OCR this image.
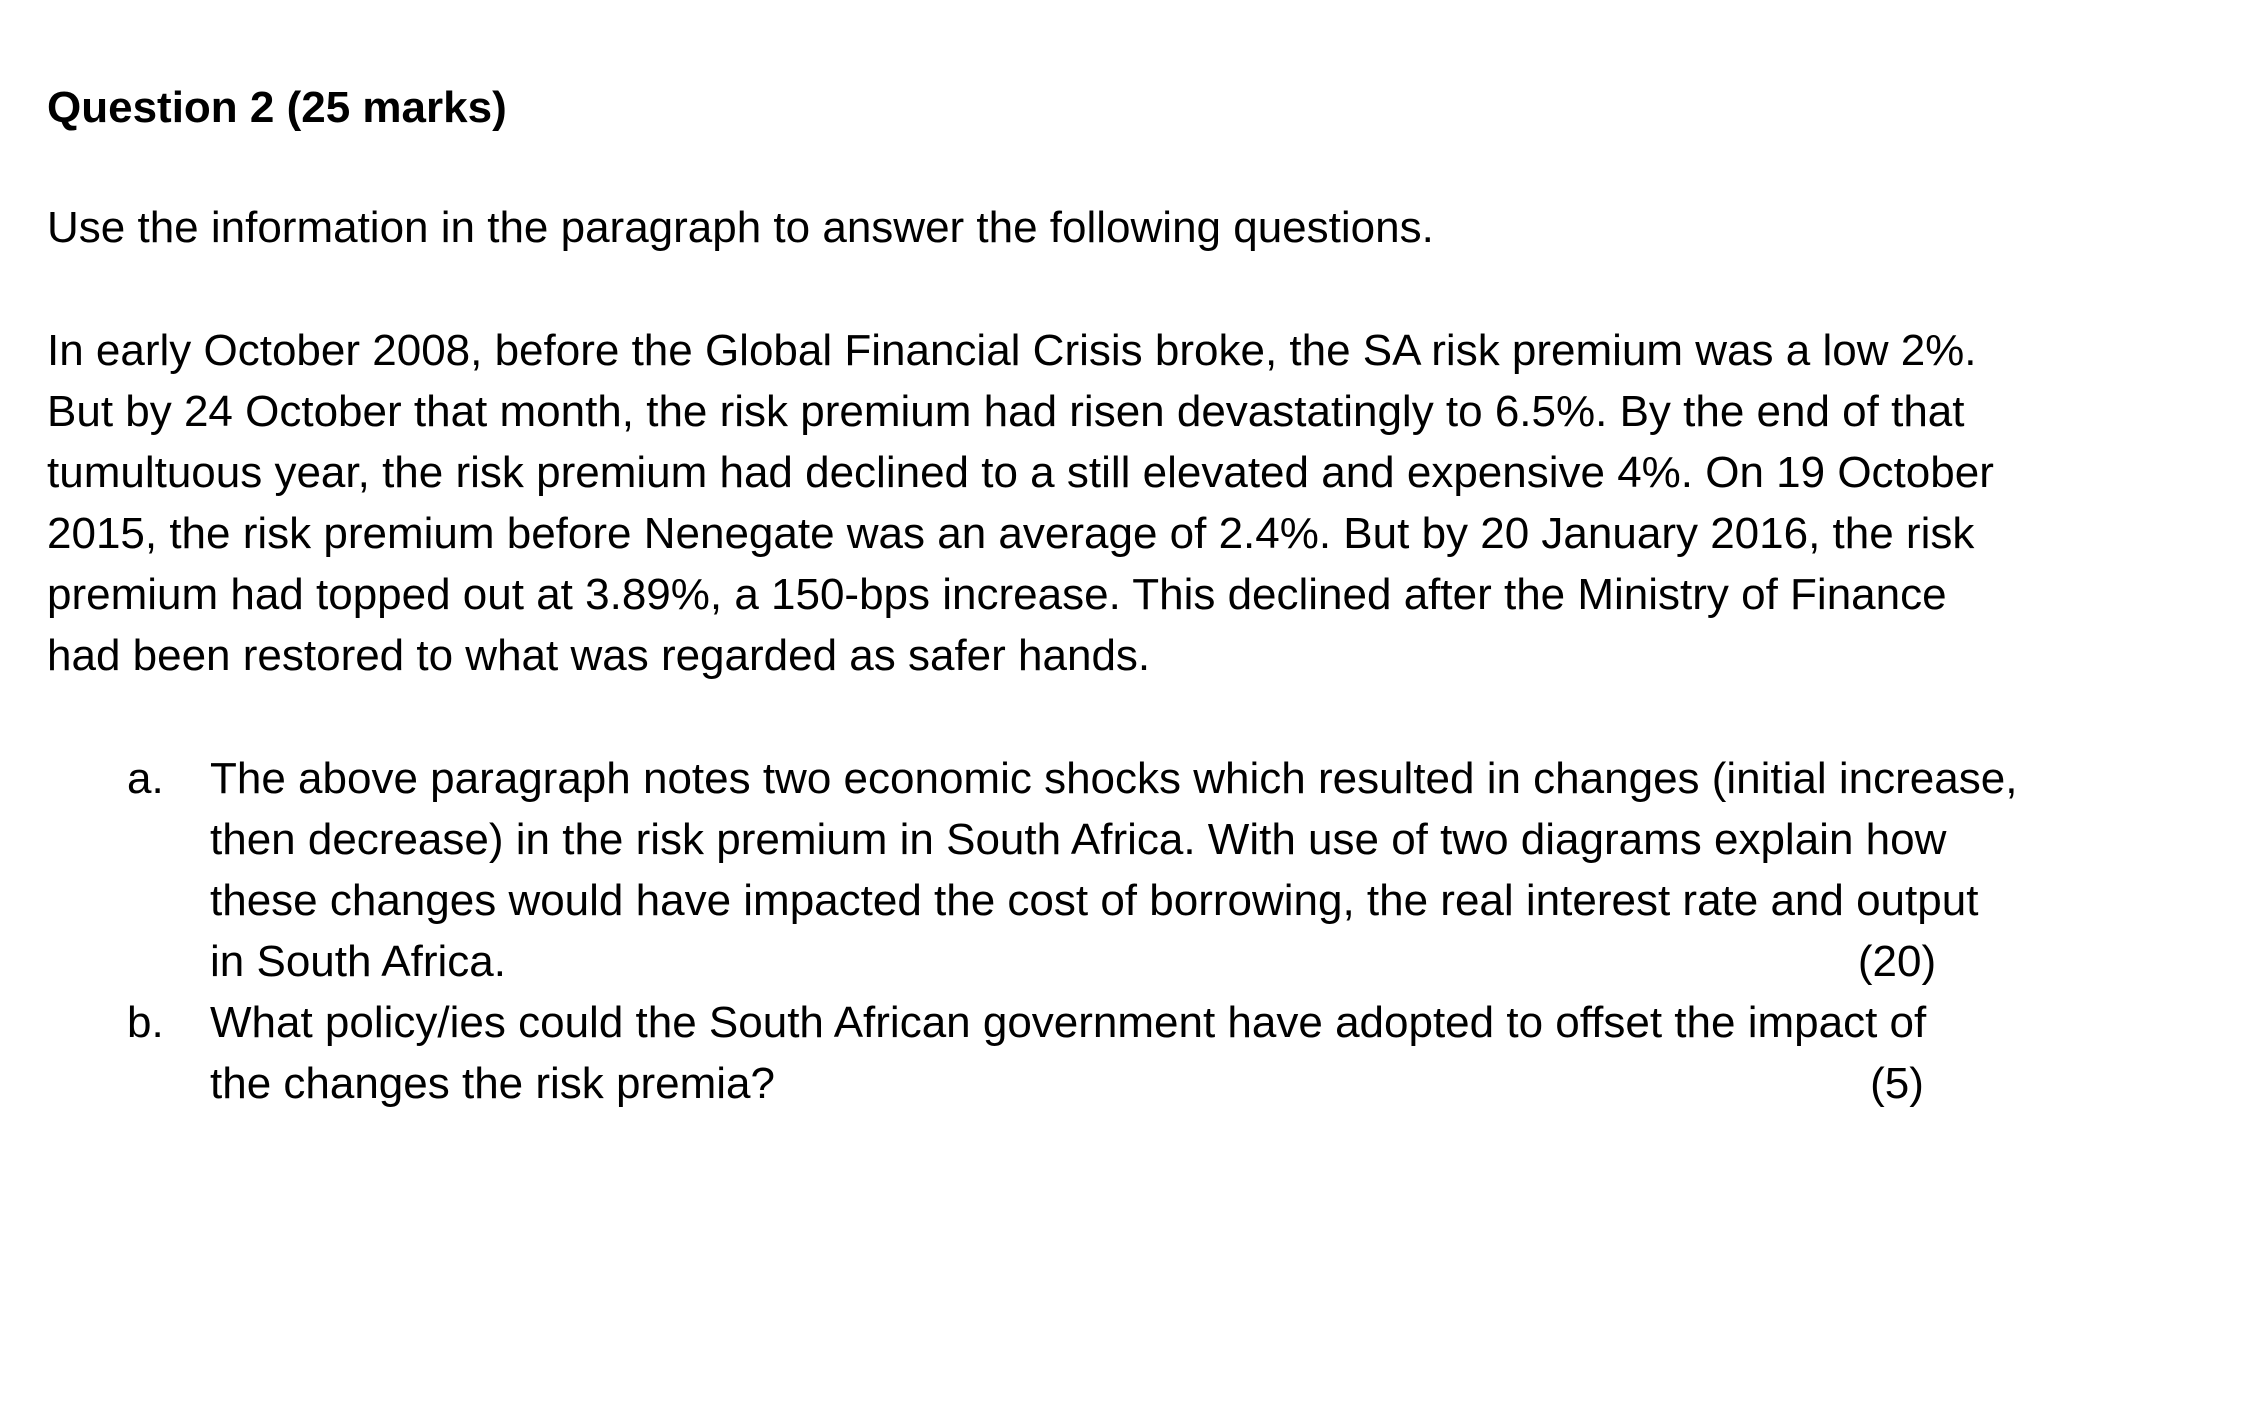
Question 2 (25 marks)
Use the information in the paragraph to answer the following questions.
In early October 2008, before the Global Financial Crisis broke, the SA risk premium was a low 2%.
But by 24 October that month, the risk premium had risen devastatingly to 6.5%. By the end of that
tumultuous year, the risk premium had declined to a still elevated and expensive 4%. On 19 October
2015, the risk premium before Nenegate was an average of 2.4%. But by 20 January 2016, the risk
premium had topped out at 3.89%, a 150-bps increase. This declined after the Ministry of Finance
had been restored to what was regarded as safer hands.
a. The above paragraph notes two economic shocks which resulted in changes (initial increase,
then decrease) in the risk premium in South Africa. With use of two diagrams explain how
these changes would have impacted the cost of borrowing, the real interest rate and output
in South Africa.	(20)
b. What policy/ies could the South African government have adopted to offset the impact of
the changes the risk premia?	(5)
